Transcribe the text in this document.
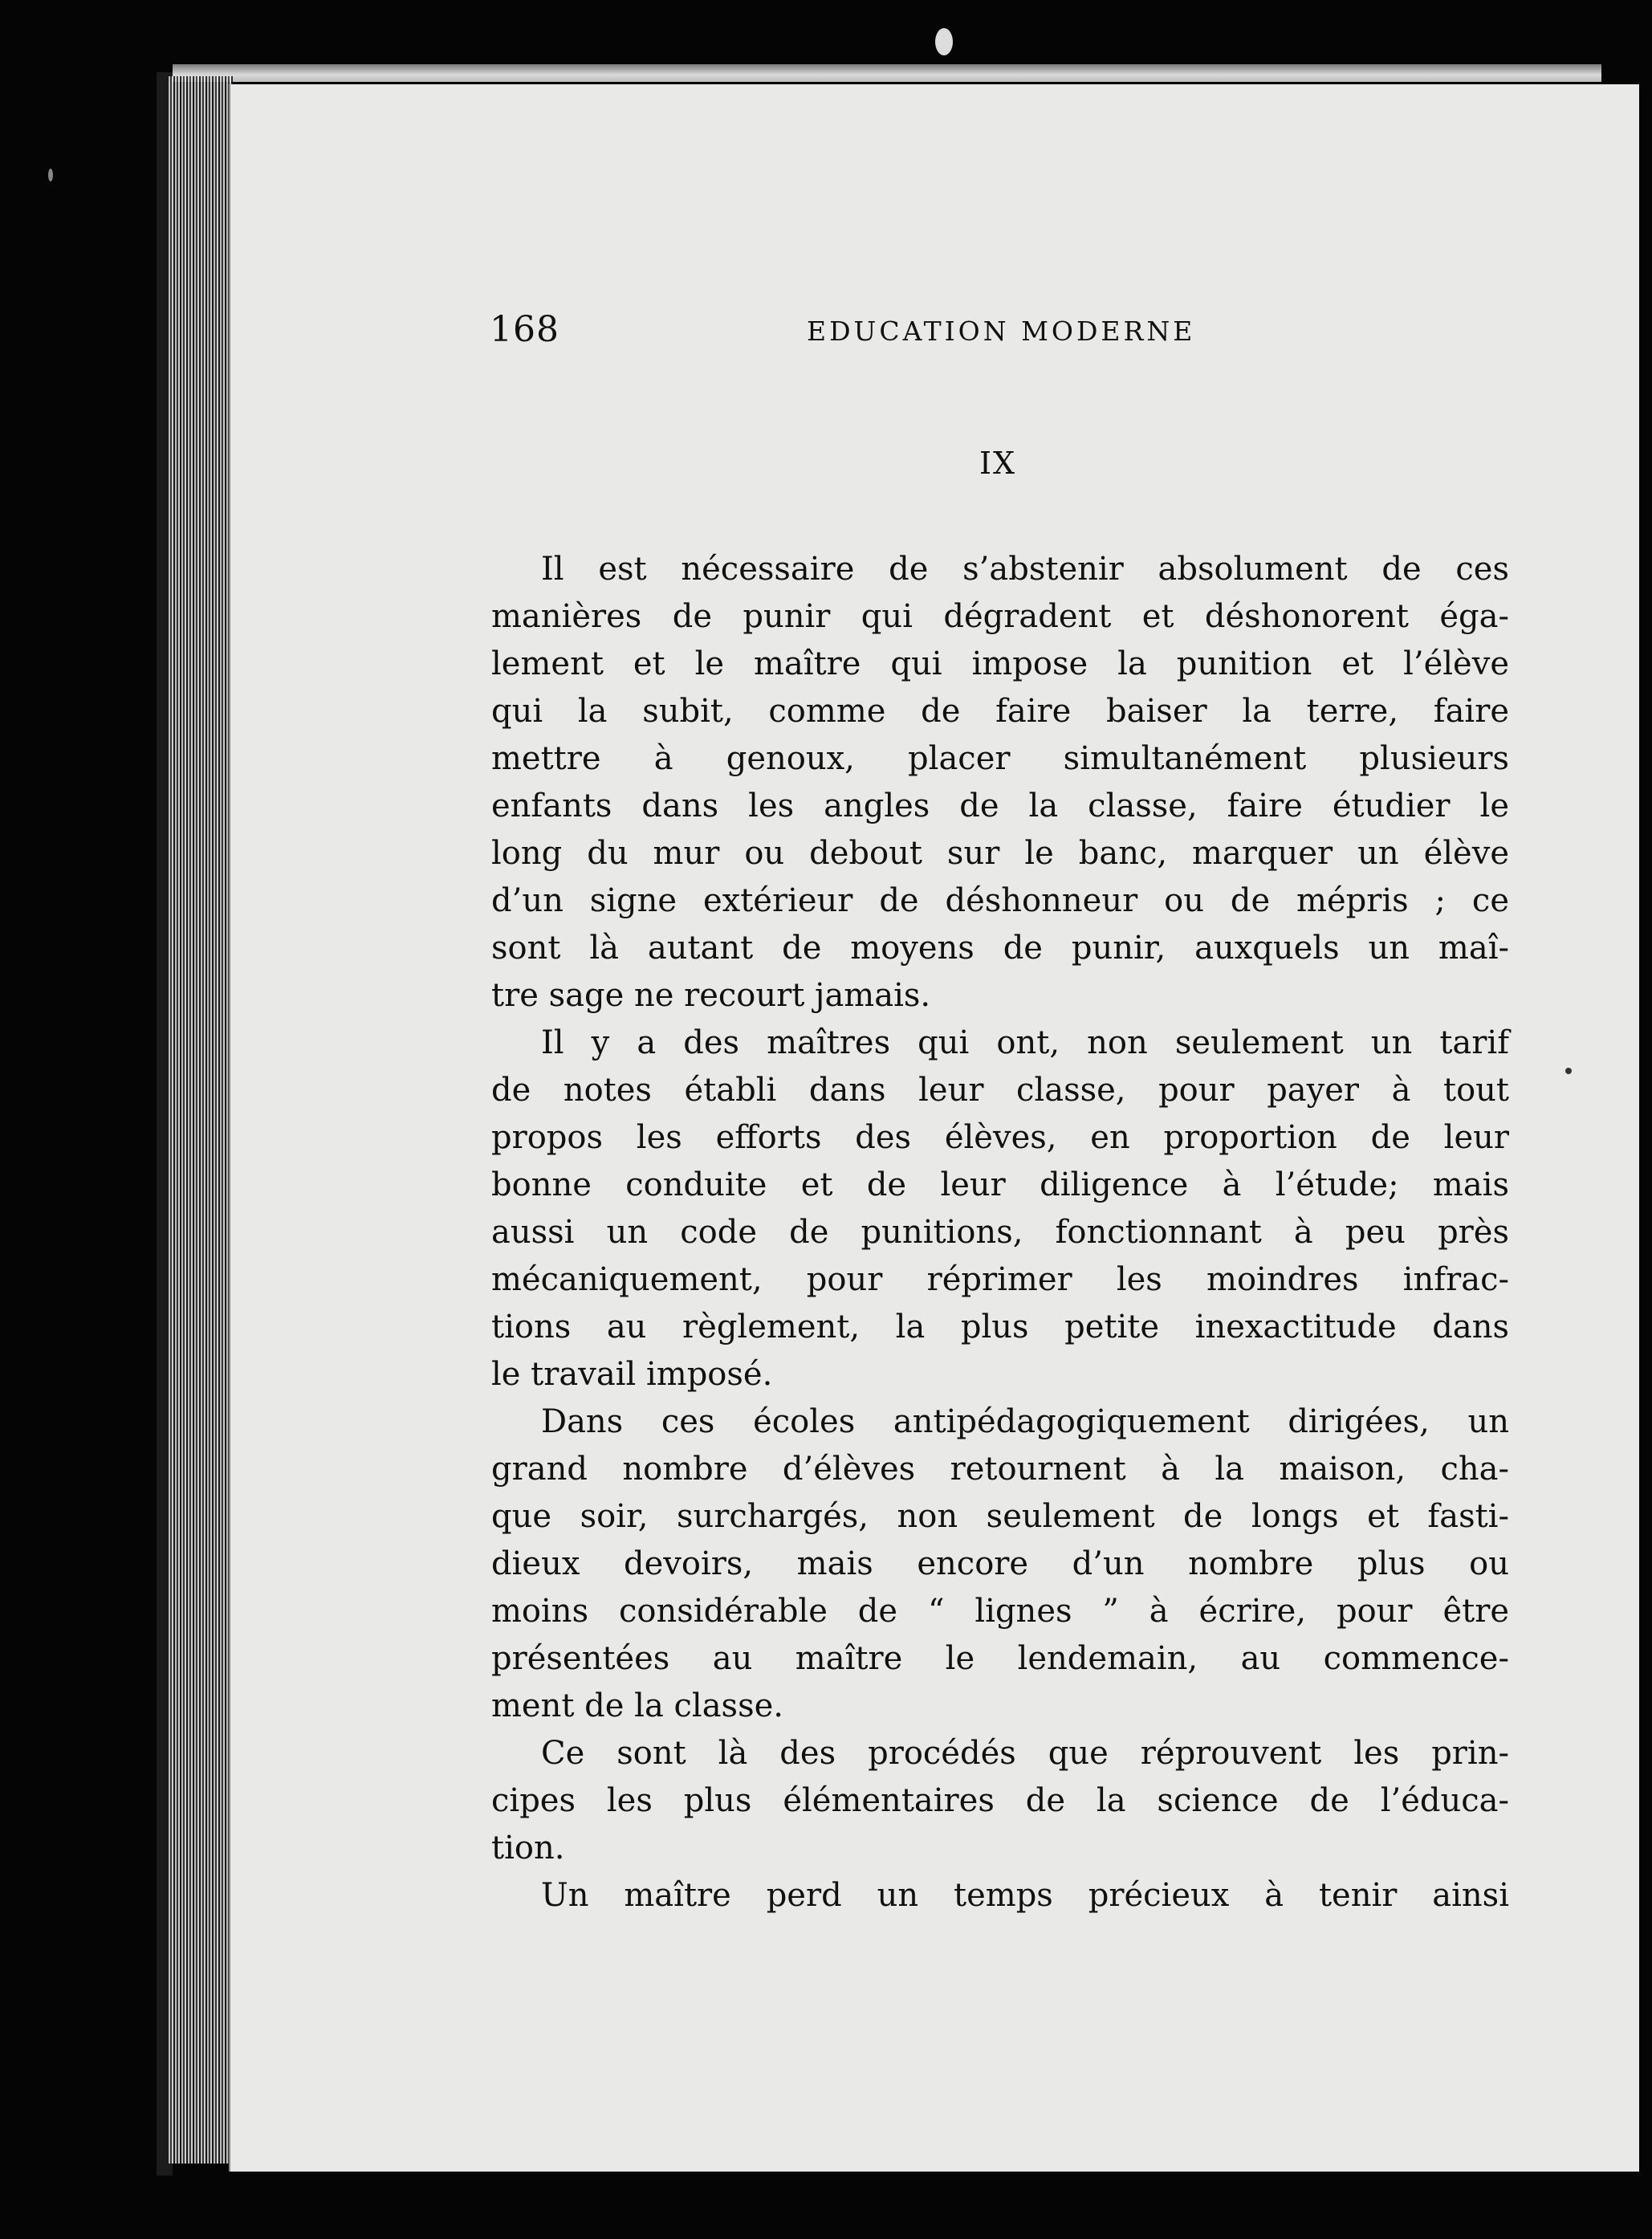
168	EDUCATION MODERNE
IX
Il est nécessaire de s’abstenir absolument de ces
manières de punir qui dégradent et déshonorent éga-
lement et le maître qui impose la punition et l’élève
qui la subit, comme de faire baiser la terre, faire
mettre à genoux, placer simultanément plusieurs
enfants dans les angles de la classe, faire étudier le
long du mur ou debout sur le banc, marquer un élève
d’un signe extérieur de déshonneur ou de mépris ; ce
sont là autant de moyens de punir, auxquels un maî-
tre sage ne recourt jamais.
Il y a des maîtres qui ont, non seulement un tarif
de notes établi dans leur classe, pour payer à tout
propos les efforts des élèves, en proportion de leur
bonne conduite et de leur diligence à l’étude; mais
aussi un code de punitions, fonctionnant à peu près
mécaniquement, pour réprimer les moindres infrac-
tions au règlement, la plus petite inexactitude dans
le travail imposé.
Dans ces écoles antipédagogiquement dirigées, un
grand nombre d’élèves retournent à la maison, cha-
que soir, surchargés, non seulement de longs et fasti-
dieux devoirs, mais encore d’un nombre plus ou
moins considérable de “ lignes ” à écrire, pour être
présentées au maître le lendemain, au commence-
ment de la classe.
Ce sont là des procédés que réprouvent les prin-
cipes les plus élémentaires de la science de l’éduca-
tion.
Un maître perd un temps précieux à tenir ainsi
